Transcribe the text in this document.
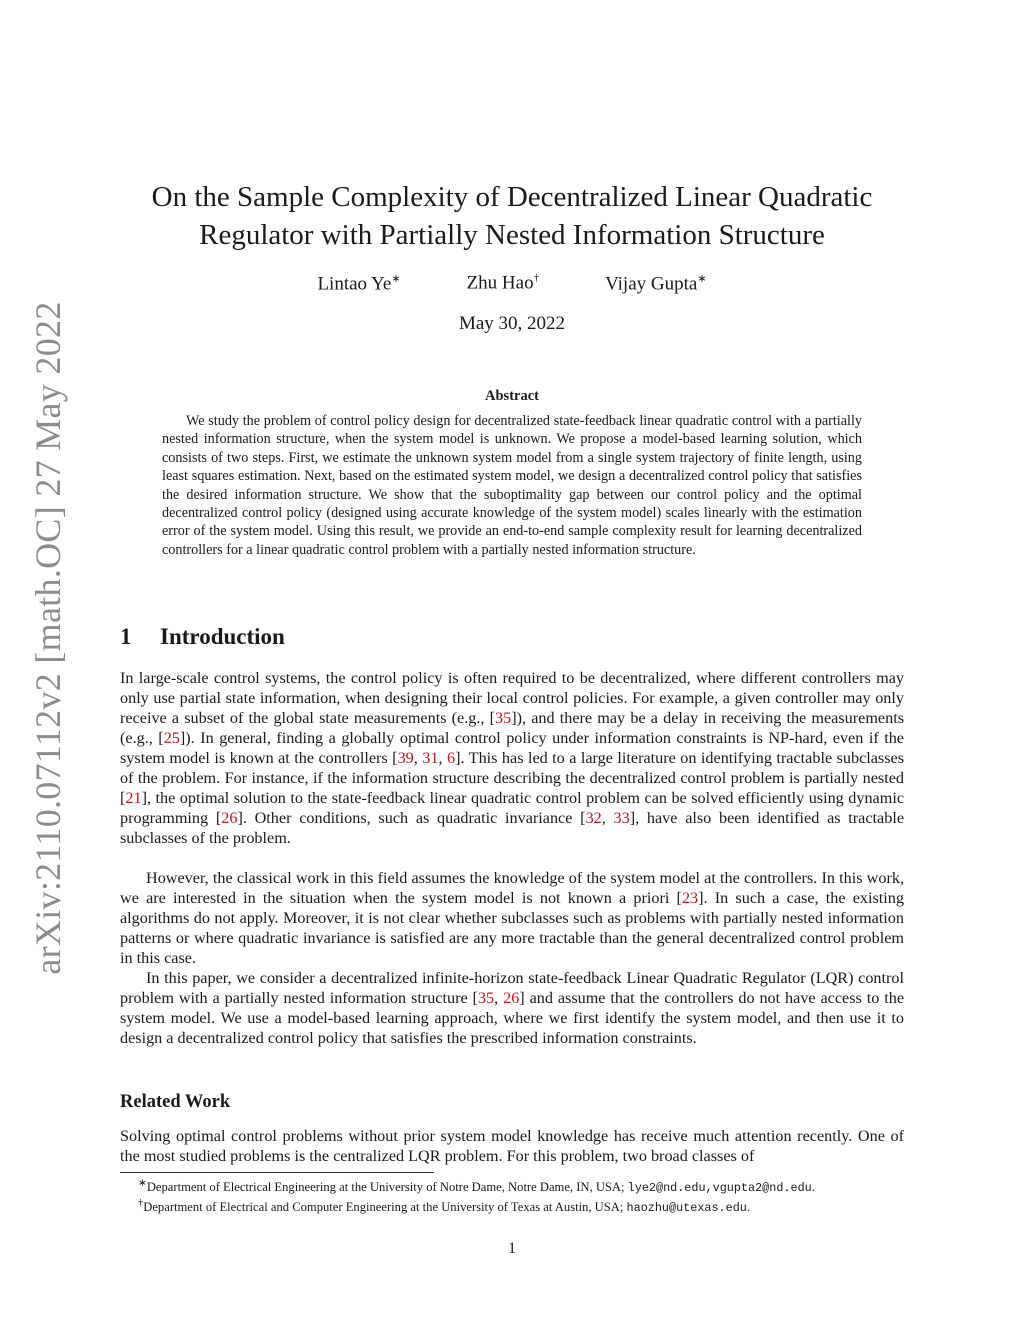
arXiv:2110.07112v2 [math.OC] 27 May 2022
On the Sample Complexity of Decentralized Linear Quadratic
Regulator with Partially Nested Information Structure
Lintao Ye∗	Zhu Hao†	Vijay Gupta∗
May 30, 2022
Abstract
We study the problem of control policy design for decentralized state-feedback linear quadratic control with a partially nested information structure, when the system model is unknown. We propose a model-based learning solution, which consists of two steps. First, we estimate the unknown system model from a single system trajectory of finite length, using least squares estimation. Next, based on the estimated system model, we design a decentralized control policy that satisfies the desired information structure. We show that the suboptimality gap between our control policy and the optimal decentralized control policy (designed using accurate knowledge of the system model) scales linearly with the estimation error of the system model. Using this result, we provide an end-to-end sample complexity result for learning decentralized controllers for a linear quadratic control problem with a partially nested information structure.
1 Introduction
In large-scale control systems, the control policy is often required to be decentralized, where different controllers may only use partial state information, when designing their local control policies. For example, a given controller may only receive a subset of the global state measurements (e.g., [35]), and there may be a delay in receiving the measurements (e.g., [25]). In general, finding a globally optimal control policy under information constraints is NP-hard, even if the system model is known at the controllers [39, 31, 6]. This has led to a large literature on identifying tractable subclasses of the problem. For instance, if the information structure describing the decentralized control problem is partially nested [21], the optimal solution to the state-feedback linear quadratic control problem can be solved efficiently using dynamic programming [26]. Other conditions, such as quadratic invariance [32, 33], have also been identified as tractable subclasses of the problem.
However, the classical work in this field assumes the knowledge of the system model at the controllers. In this work, we are interested in the situation when the system model is not known a priori [23]. In such a case, the existing algorithms do not apply. Moreover, it is not clear whether subclasses such as problems with partially nested information patterns or where quadratic invariance is satisfied are any more tractable than the general decentralized control problem in this case.
In this paper, we consider a decentralized infinite-horizon state-feedback Linear Quadratic Regulator (LQR) control problem with a partially nested information structure [35, 26] and assume that the controllers do not have access to the system model. We use a model-based learning approach, where we first identify the system model, and then use it to design a decentralized control policy that satisfies the prescribed information constraints.
Related Work
Solving optimal control problems without prior system model knowledge has receive much attention recently. One of the most studied problems is the centralized LQR problem. For this problem, two broad classes of
∗Department of Electrical Engineering at the University of Notre Dame, Notre Dame, IN, USA; lye2@nd.edu,vgupta2@nd.edu.
†Department of Electrical and Computer Engineering at the University of Texas at Austin, USA; haozhu@utexas.edu.
1
